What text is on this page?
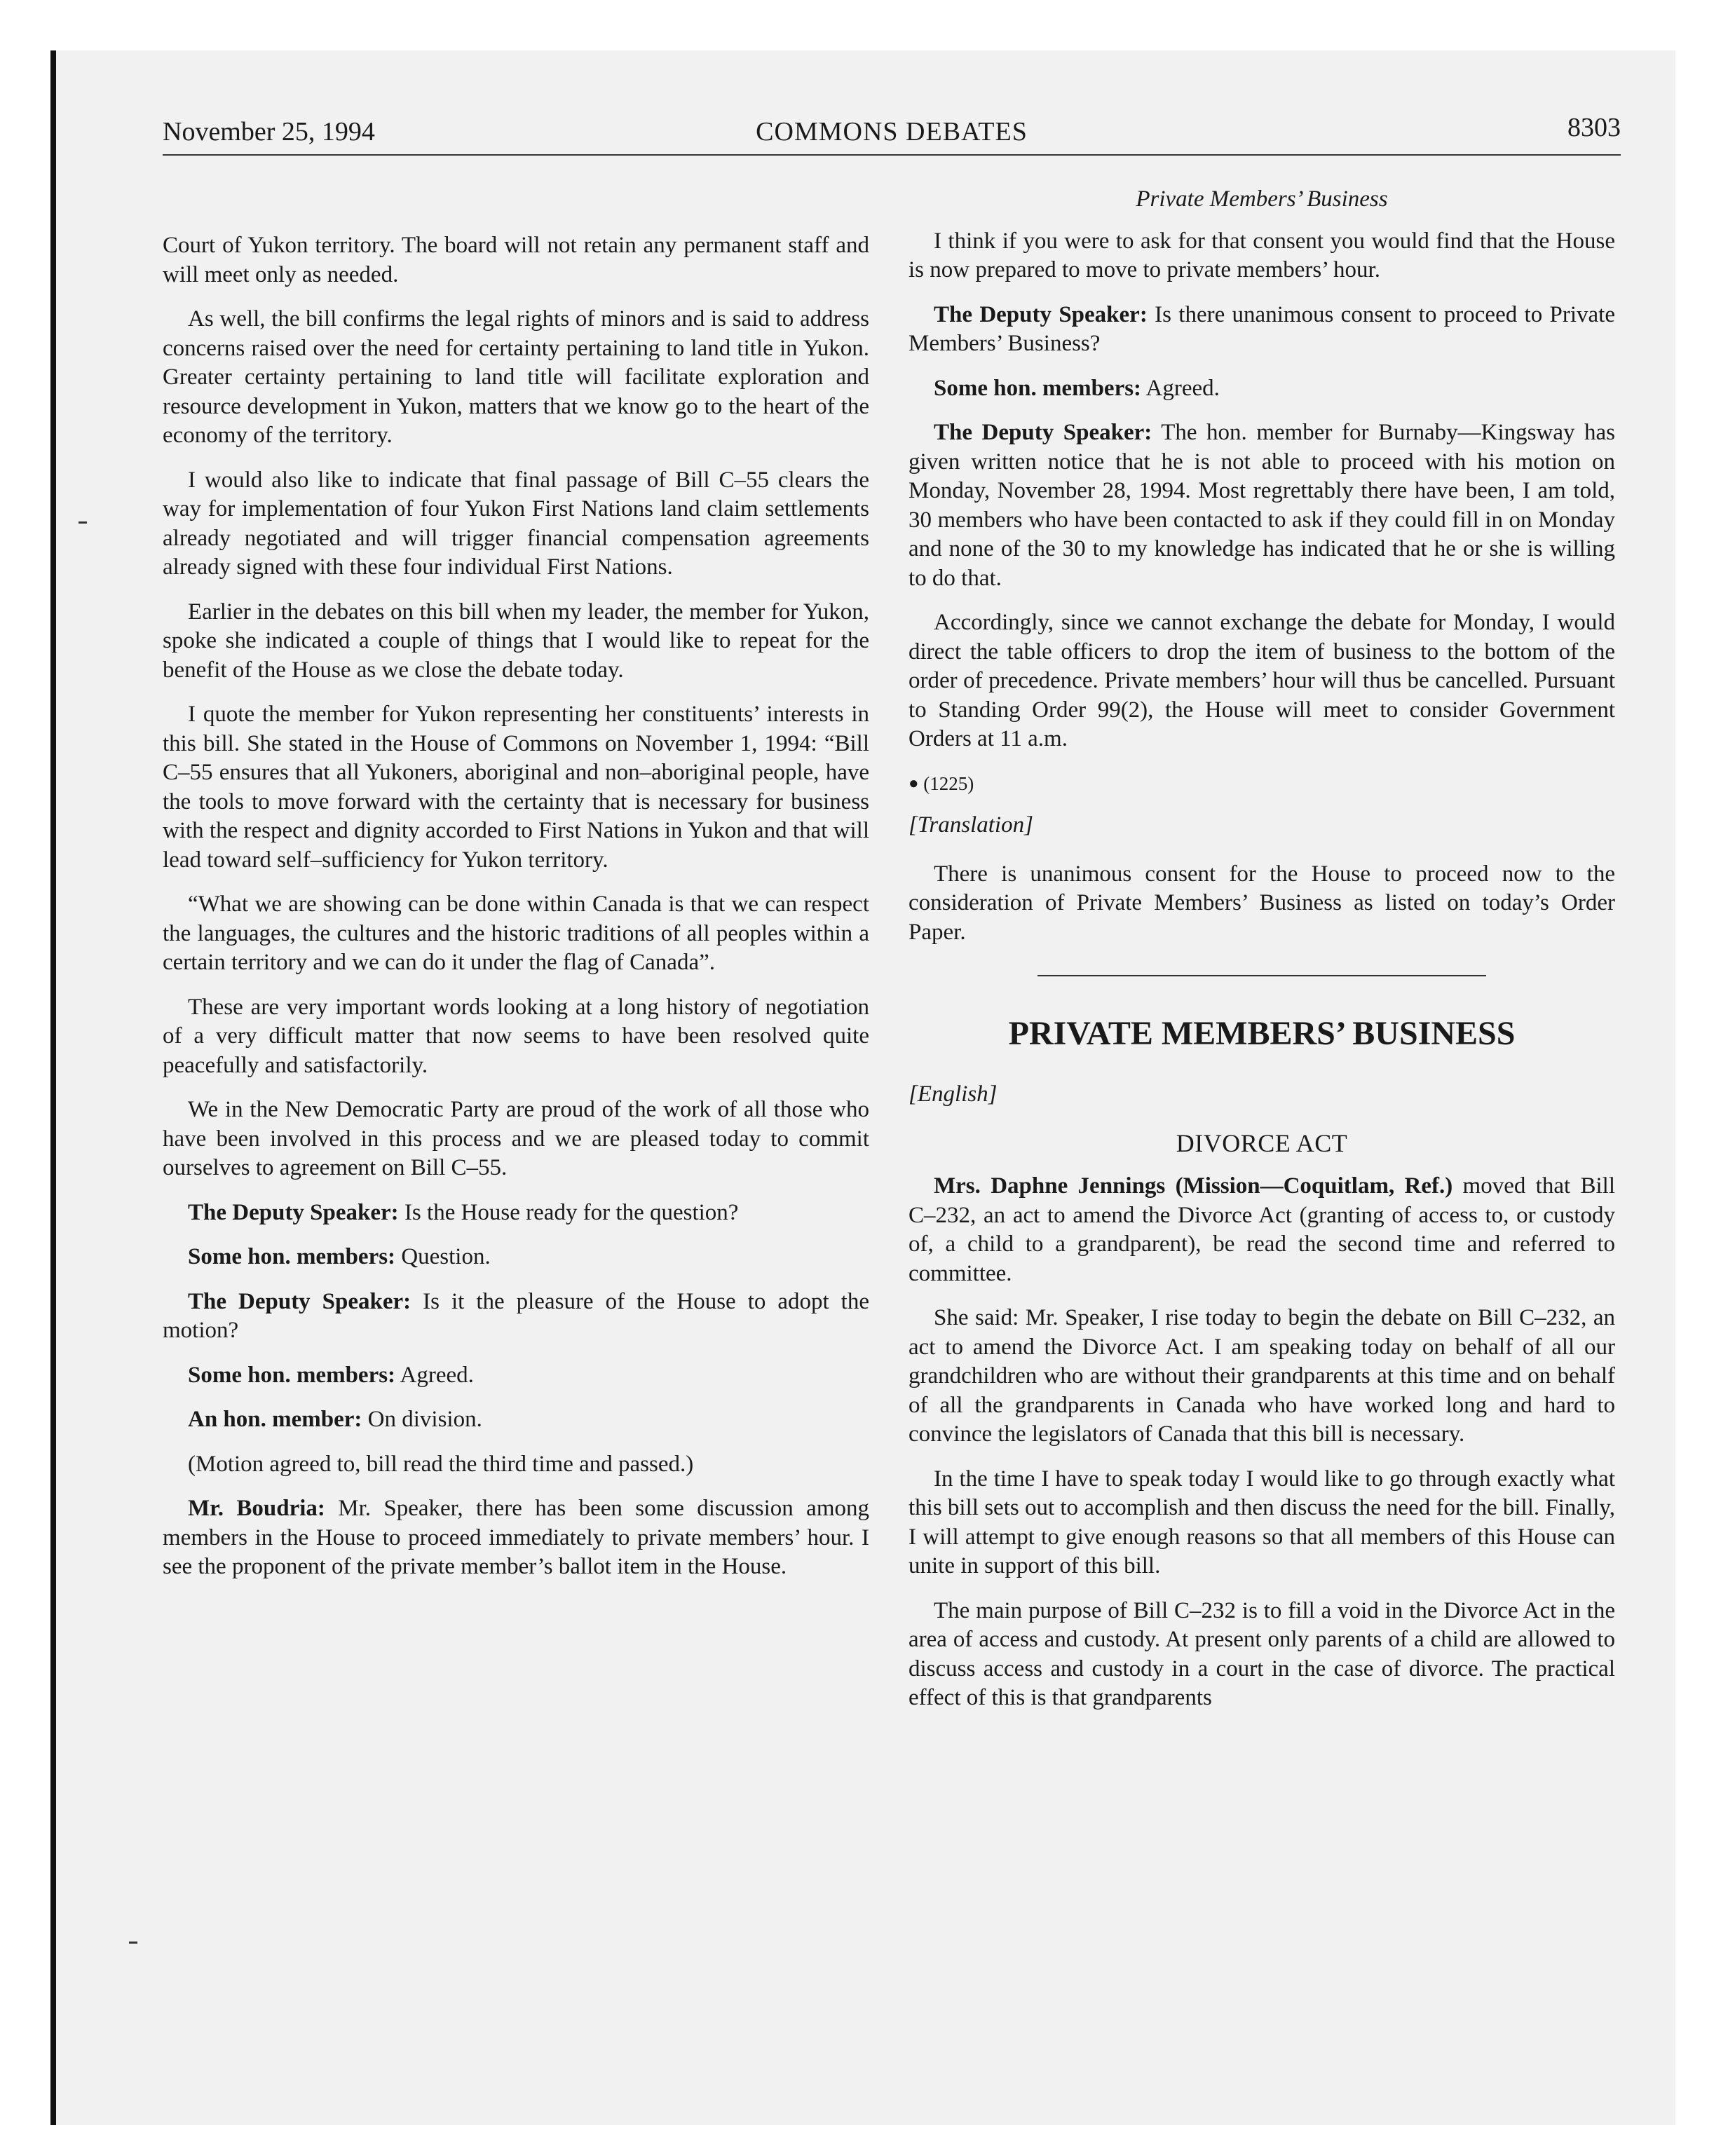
November 25, 1994	COMMONS DEBATES	8303

Court of Yukon territory. The board will not retain any permanent staff and will meet only as needed.

As well, the bill confirms the legal rights of minors and is said to address concerns raised over the need for certainty pertaining to land title in Yukon. Greater certainty pertaining to land title will facilitate exploration and resource development in Yukon, matters that we know go to the heart of the economy of the territory.

I would also like to indicate that final passage of Bill C–55 clears the way for implementation of four Yukon First Nations land claim settlements already negotiated and will trigger financial compensation agreements already signed with these four individual First Nations.

Earlier in the debates on this bill when my leader, the member for Yukon, spoke she indicated a couple of things that I would like to repeat for the benefit of the House as we close the debate today.

I quote the member for Yukon representing her constituents’ interests in this bill. She stated in the House of Commons on November 1, 1994: “Bill C–55 ensures that all Yukoners, aboriginal and non–aboriginal people, have the tools to move forward with the certainty that is necessary for business with the respect and dignity accorded to First Nations in Yukon and that will lead toward self–sufficiency for Yukon territory.

“What we are showing can be done within Canada is that we can respect the languages, the cultures and the historic traditions of all peoples within a certain territory and we can do it under the flag of Canada”.

These are very important words looking at a long history of negotiation of a very difficult matter that now seems to have been resolved quite peacefully and satisfactorily.

We in the New Democratic Party are proud of the work of all those who have been involved in this process and we are pleased today to commit ourselves to agreement on Bill C–55.

The Deputy Speaker: Is the House ready for the question?

Some hon. members: Question.

The Deputy Speaker: Is it the pleasure of the House to adopt the motion?

Some hon. members: Agreed.

An hon. member: On division.

(Motion agreed to, bill read the third time and passed.)

Mr. Boudria: Mr. Speaker, there has been some discussion among members in the House to proceed immediately to private members’ hour. I see the proponent of the private member’s ballot item in the House.

Private Members’ Business

I think if you were to ask for that consent you would find that the House is now prepared to move to private members’ hour.

The Deputy Speaker: Is there unanimous consent to proceed to Private Members’ Business?

Some hon. members: Agreed.

The Deputy Speaker: The hon. member for Burnaby—Kingsway has given written notice that he is not able to proceed with his motion on Monday, November 28, 1994. Most regrettably there have been, I am told, 30 members who have been contacted to ask if they could fill in on Monday and none of the 30 to my knowledge has indicated that he or she is willing to do that.

Accordingly, since we cannot exchange the debate for Monday, I would direct the table officers to drop the item of business to the bottom of the order of precedence. Private members’ hour will thus be cancelled. Pursuant to Standing Order 99(2), the House will meet to consider Government Orders at 11 a.m.

● (1225)

[Translation]

There is unanimous consent for the House to proceed now to the consideration of Private Members’ Business as listed on today’s Order Paper.

PRIVATE MEMBERS’ BUSINESS

[English]

DIVORCE ACT

Mrs. Daphne Jennings (Mission—Coquitlam, Ref.) moved that Bill C–232, an act to amend the Divorce Act (granting of access to, or custody of, a child to a grandparent), be read the second time and referred to committee.

She said: Mr. Speaker, I rise today to begin the debate on Bill C–232, an act to amend the Divorce Act. I am speaking today on behalf of all our grandchildren who are without their grandparents at this time and on behalf of all the grandparents in Canada who have worked long and hard to convince the legislators of Canada that this bill is necessary.

In the time I have to speak today I would like to go through exactly what this bill sets out to accomplish and then discuss the need for the bill. Finally, I will attempt to give enough reasons so that all members of this House can unite in support of this bill.

The main purpose of Bill C–232 is to fill a void in the Divorce Act in the area of access and custody. At present only parents of a child are allowed to discuss access and custody in a court in the case of divorce. The practical effect of this is that grandparents
